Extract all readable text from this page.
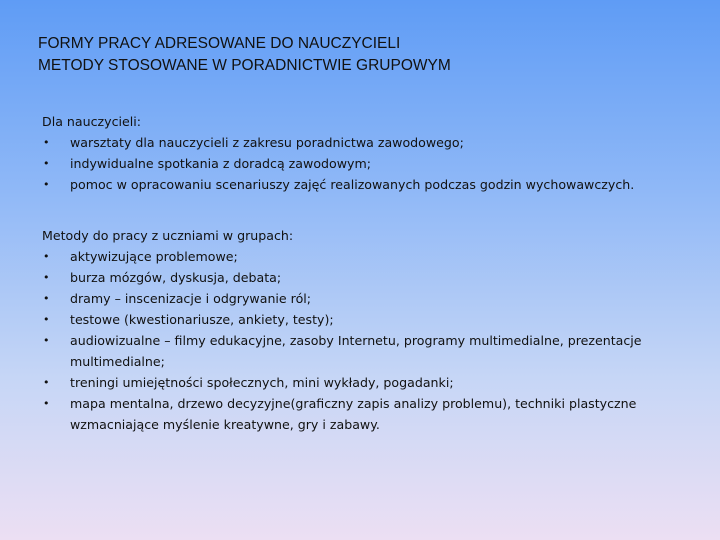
FORMY PRACY ADRESOWANE DO NAUCZYCIELI
METODY STOSOWANE W PORADNICTWIE GRUPOWYM
Dla nauczycieli:
• warsztaty dla nauczycieli z zakresu poradnictwa zawodowego;
• indywidualne spotkania z doradcą zawodowym;
• pomoc w opracowaniu scenariuszy zajęć realizowanych podczas godzin wychowawczych.
Metody do pracy z uczniami w grupach:
• aktywizujące problemowe;
• burza mózgów, dyskusja, debata;
• dramy – inscenizacje i odgrywanie ról;
• testowe (kwestionariusze, ankiety, testy);
• audiowizualne – filmy edukacyjne, zasoby Internetu, programy multimedialne, prezentacje multimedialne;
• treningi umiejętności społecznych, mini wykłady, pogadanki;
• mapa mentalna, drzewo decyzyjne(graficzny zapis analizy problemu), techniki plastyczne wzmacniające myślenie kreatywne, gry i zabawy.
